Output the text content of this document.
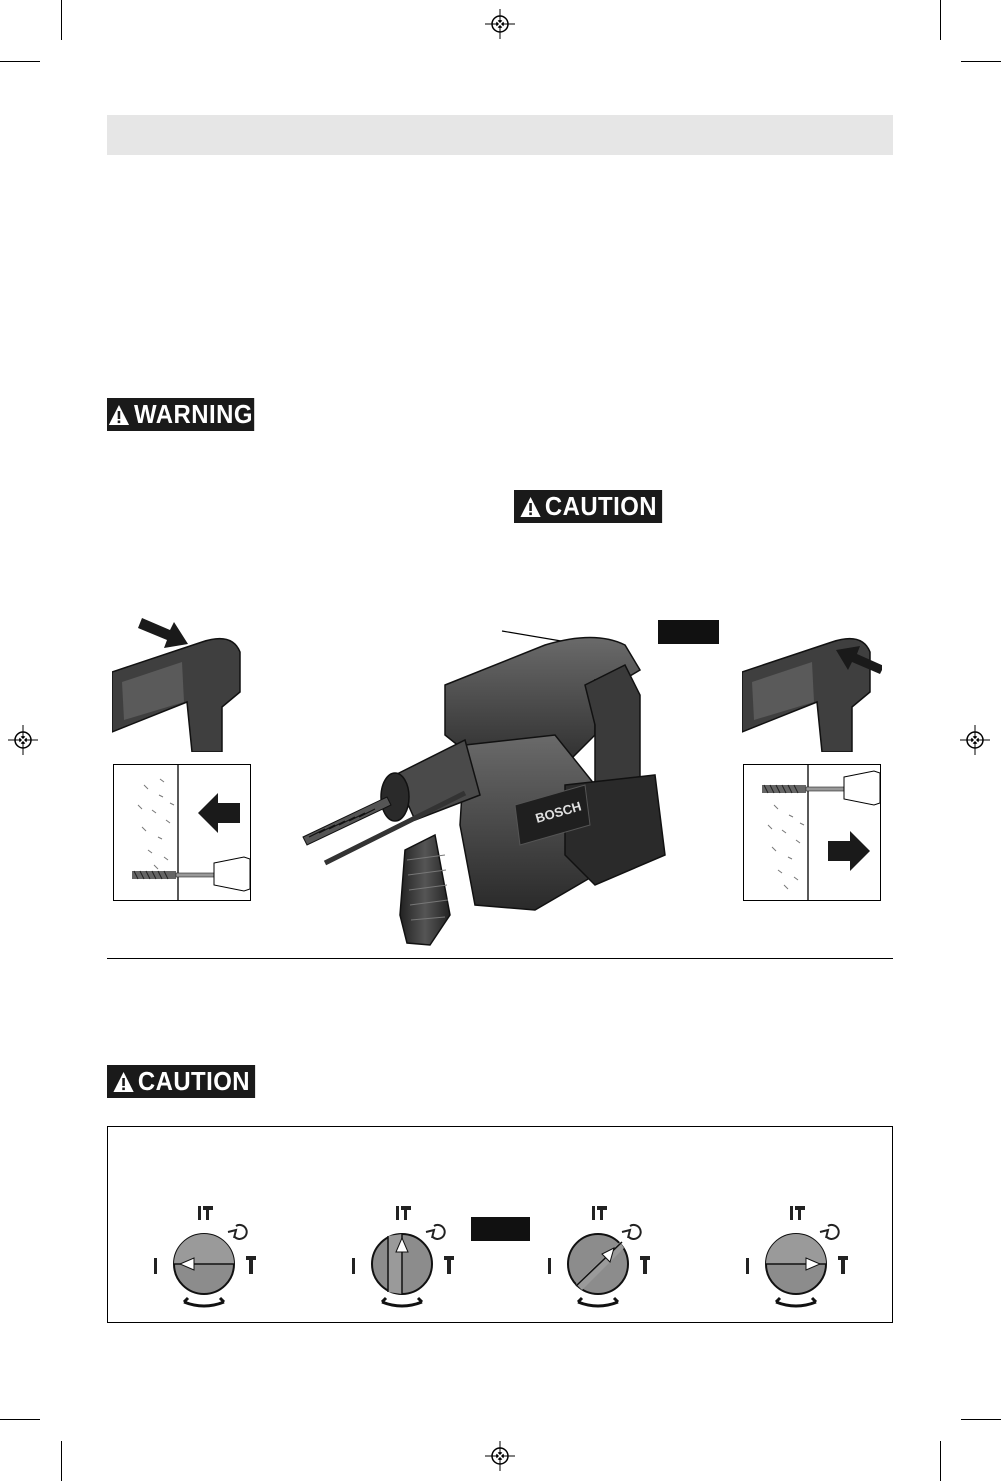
WARNING
CAUTION
BOSCH
CAUTION
